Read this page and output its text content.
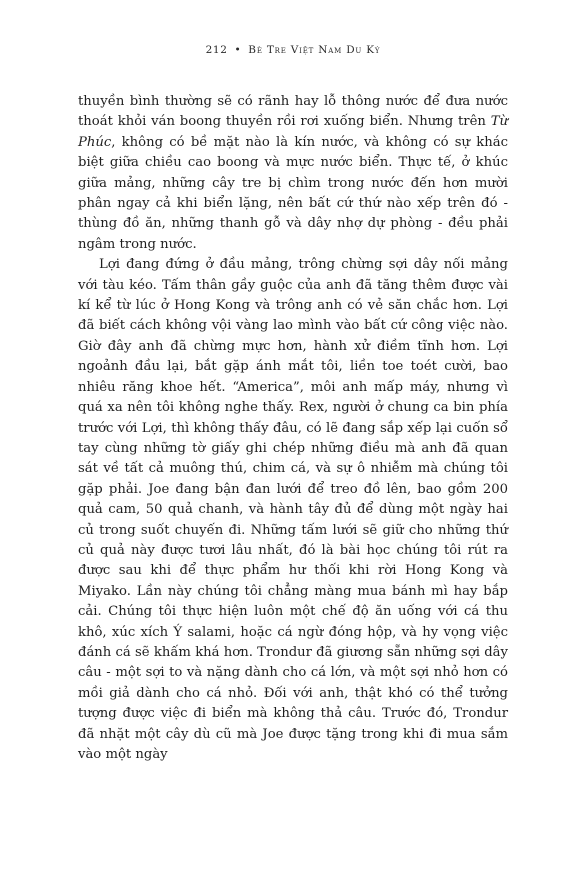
212 • Bè Tre Việt Nam Du Ký

thuyền bình thường sẽ có rãnh hay lỗ thông nước để đưa nước thoát khỏi ván boong thuyền rồi rơi xuống biển. Nhưng trên Từ Phúc, không có bề mặt nào là kín nước, và không có sự khác biệt giữa chiều cao boong và mực nước biển. Thực tế, ở khúc giữa mảng, những cây tre bị chìm trong nước đến hơn mười phân ngay cả khi biển lặng, nên bất cứ thứ nào xếp trên đó - thùng đồ ăn, những thanh gỗ và dây nhợ dự phòng - đều phải ngâm trong nước.

Lợi đang đứng ở đầu mảng, trông chừng sợi dây nối mảng với tàu kéo. Tấm thân gầy guộc của anh đã tăng thêm được vài kí kể từ lúc ở Hong Kong và trông anh có vẻ săn chắc hơn. Lợi đã biết cách không vội vàng lao mình vào bất cứ công việc nào. Giờ đây anh đã chừng mực hơn, hành xử điềm tĩnh hơn. Lợi ngoảnh đầu lại, bắt gặp ánh mắt tôi, liền toe toét cười, bao nhiêu răng khoe hết. “America”, môi anh mấp máy, nhưng vì quá xa nên tôi không nghe thấy. Rex, người ở chung ca bin phía trước với Lợi, thì không thấy đâu, có lẽ đang sắp xếp lại cuốn sổ tay cùng những tờ giấy ghi chép những điều mà anh đã quan sát về tất cả muông thú, chim cá, và sự ô nhiễm mà chúng tôi gặp phải. Joe đang bận đan lưới để treo đồ lên, bao gồm 200 quả cam, 50 quả chanh, và hành tây đủ để dùng một ngày hai củ trong suốt chuyến đi. Những tấm lưới sẽ giữ cho những thứ củ quả này được tươi lâu nhất, đó là bài học chúng tôi rút ra được sau khi để thực phẩm hư thối khi rời Hong Kong và Miyako. Lần này chúng tôi chẳng màng mua bánh mì hay bắp cải. Chúng tôi thực hiện luôn một chế độ ăn uống với cá thu khô, xúc xích Ý salami, hoặc cá ngừ đóng hộp, và hy vọng việc đánh cá sẽ khấm khá hơn. Trondur đã giương sẵn những sợi dây câu - một sợi to và nặng dành cho cá lớn, và một sợi nhỏ hơn có mồi giả dành cho cá nhỏ. Đối với anh, thật khó có thể tưởng tượng được việc đi biển mà không thả câu. Trước đó, Trondur đã nhặt một cây dù cũ mà Joe được tặng trong khi đi mua sắm vào một ngày
